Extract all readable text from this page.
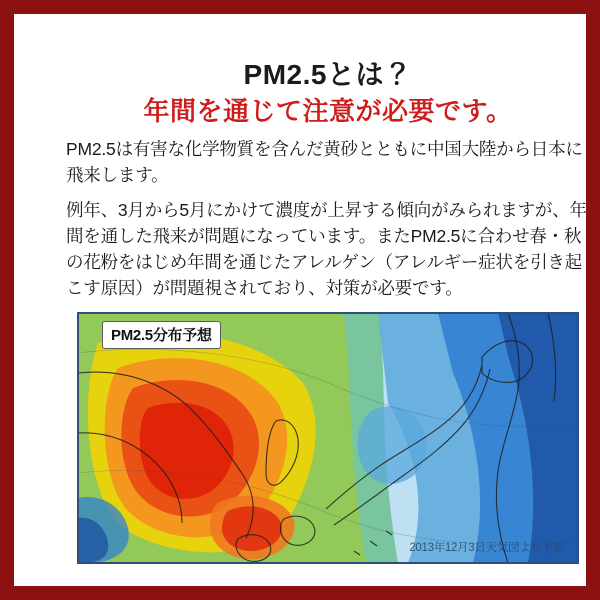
PM2.5とは？
年間を通じて注意が必要です。

PM2.5は有害な化学物質を含んだ黄砂とともに中国大陸から日本に飛来します。

例年、3月から5月にかけて濃度が上昇する傾向がみられますが、年間を通した飛来が問題になっています。またPM2.5に合わせ春・秋の花粉をはじめ年間を通じたアレルゲン（アレルギー症状を引き起こす原因）が問題視されており、対策が必要です。

PM2.5分布予想
2013年12月3日天気図より予想
